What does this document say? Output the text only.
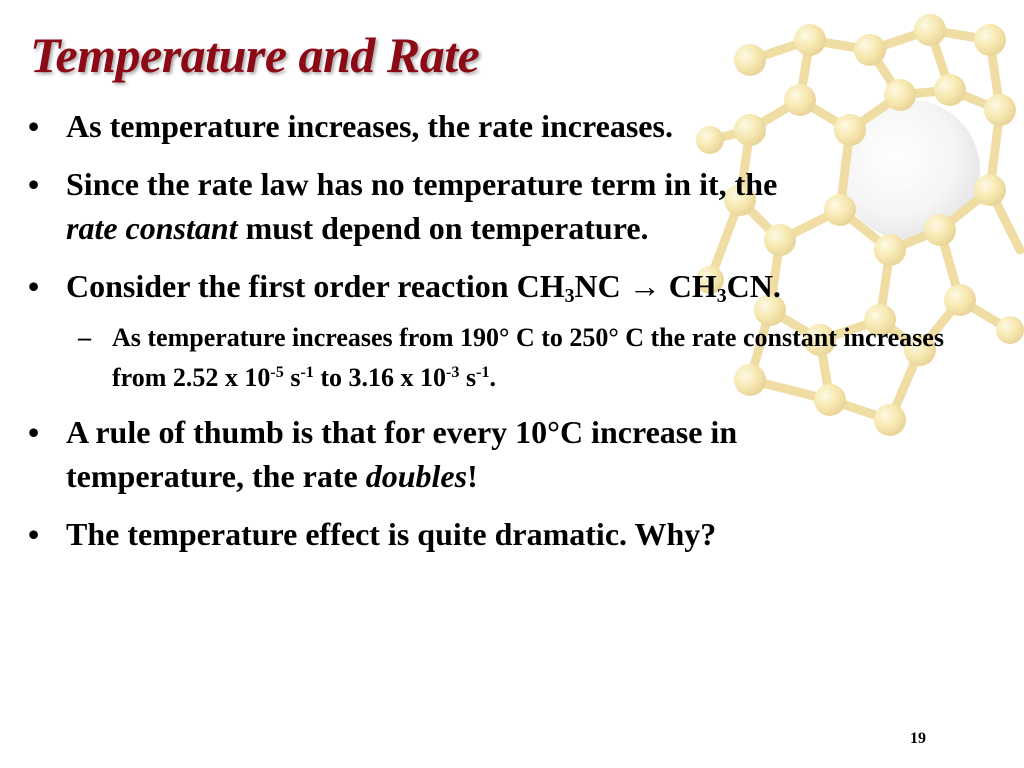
Temperature and Rate
• As temperature increases, the rate increases.
• Since the rate law has no temperature term in it, the
rate constant must depend on temperature.
• Consider the first order reaction $CH_3NC \to CH_3CN$.
– As temperature increases from 190° C to 250° C the rate constant increases from 2.52 x $10^{-5}$ $s^{-1}$ to 3.16 x $10^{-3}$ $s^{-1}$.
• A rule of thumb is that for every 10°C increase in
temperature, the rate doubles!
• The temperature effect is quite dramatic. Why?
19
